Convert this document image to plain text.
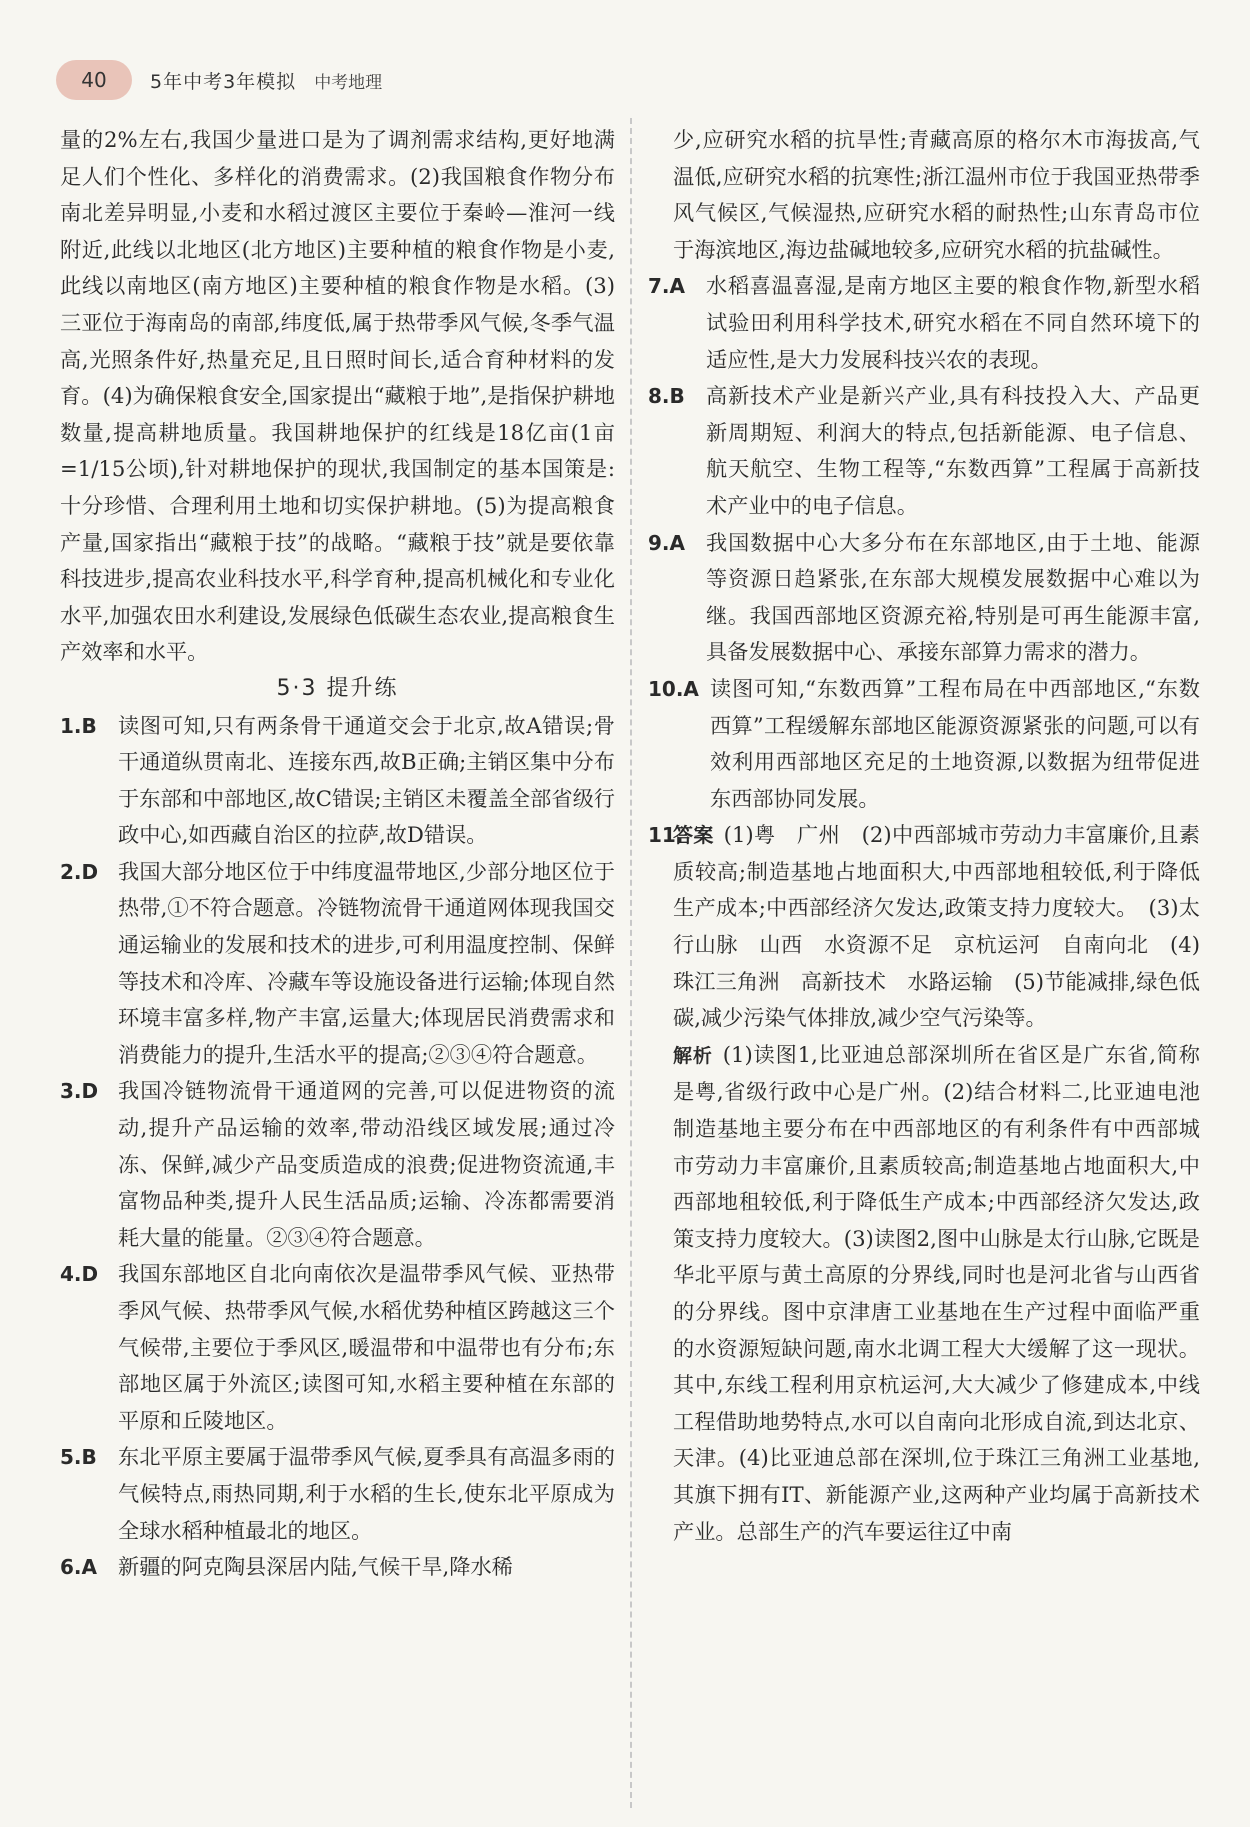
40	5年中考3年模拟 中考地理

量的2%左右,我国少量进口是为了调剂需求结构,更好地满足人们个性化、多样化的消费需求。(2)我国粮食作物分布南北差异明显,小麦和水稻过渡区主要位于秦岭—淮河一线附近,此线以北地区(北方地区)主要种植的粮食作物是小麦,此线以南地区(南方地区)主要种植的粮食作物是水稻。(3)三亚位于海南岛的南部,纬度低,属于热带季风气候,冬季气温高,光照条件好,热量充足,且日照时间长,适合育种材料的发育。(4)为确保粮食安全,国家提出“藏粮于地”,是指保护耕地数量,提高耕地质量。我国耕地保护的红线是18亿亩(1亩=1/15公顷),针对耕地保护的现状,我国制定的基本国策是:十分珍惜、合理利用土地和切实保护耕地。(5)为提高粮食产量,国家指出“藏粮于技”的战略。“藏粮于技”就是要依靠科技进步,提高农业科技水平,科学育种,提高机械化和专业化水平,加强农田水利建设,发展绿色低碳生态农业,提高粮食生产效率和水平。

5·3 提升练

1.B	读图可知,只有两条骨干通道交会于北京,故A错误;骨干通道纵贯南北、连接东西,故B正确;主销区集中分布于东部和中部地区,故C错误;主销区未覆盖全部省级行政中心,如西藏自治区的拉萨,故D错误。

2.D 我国大部分地区位于中纬度温带地区,少部分地区位于热带,①不符合题意。冷链物流骨干通道网体现我国交通运输业的发展和技术的进步,可利用温度控制、保鲜等技术和冷库、冷藏车等设施设备进行运输;体现自然环境丰富多样,物产丰富,运量大;体现居民消费需求和消费能力的提升,生活水平的提高;②③④符合题意。

3.D 我国冷链物流骨干通道网的完善,可以促进物资的流动,提升产品运输的效率,带动沿线区域发展;通过冷冻、保鲜,减少产品变质造成的浪费;促进物资流通,丰富物品种类,提升人民生活品质;运输、冷冻都需要消耗大量的能量。②③④符合题意。

4.D 我国东部地区自北向南依次是温带季风气候、亚热带季风气候、热带季风气候,水稻优势种植区跨越这三个气候带,主要位于季风区,暖温带和中温带也有分布;东部地区属于外流区;读图可知,水稻主要种植在东部的平原和丘陵地区。

5.B	东北平原主要属于温带季风气候,夏季具有高温多雨的气候特点,雨热同期,利于水稻的生长,使东北平原成为全球水稻种植最北的地区。

6.A 新疆的阿克陶县深居内陆,气候干旱,降水稀

少,应研究水稻的抗旱性;青藏高原的格尔木市海拔高,气温低,应研究水稻的抗寒性;浙江温州市位于我国亚热带季风气候区,气候湿热,应研究水稻的耐热性;山东青岛市位于海滨地区,海边盐碱地较多,应研究水稻的抗盐碱性。

7.A 水稻喜温喜湿,是南方地区主要的粮食作物,新型水稻试验田利用科学技术,研究水稻在不同自然环境下的适应性,是大力发展科技兴农的表现。

8.B	高新技术产业是新兴产业,具有科技投入大、产品更新周期短、利润大的特点,包括新能源、电子信息、航天航空、生物工程等,“东数西算”工程属于高新技术产业中的电子信息。

9.A 我国数据中心大多分布在东部地区,由于土地、能源等资源日趋紧张,在东部大规模发展数据中心难以为继。我国西部地区资源充裕,特别是可再生能源丰富,具备发展数据中心、承接东部算力需求的潜力。

10.A 读图可知,“东数西算”工程布局在中西部地区,“东数西算”工程缓解东部地区能源资源紧张的问题,可以有效利用西部地区充足的土地资源,以数据为纽带促进东西部协同发展。

11.
答案 (1)粤　广州　(2)中西部城市劳动力丰富廉价,且素质较高;制造基地占地面积大,中西部地租较低,利于降低生产成本;中西部经济欠发达,政策支持力度较大。　(3)太行山脉　山西　水资源不足　京杭运河　自南向北　(4)珠江三角洲　高新技术　水路运输　(5)节能减排,绿色低碳,减少污染气体排放,减少空气污染等。
解析 (1)读图1,比亚迪总部深圳所在省区是广东省,简称是粤,省级行政中心是广州。(2)结合材料二,比亚迪电池制造基地主要分布在中西部地区的有利条件有中西部城市劳动力丰富廉价,且素质较高;制造基地占地面积大,中西部地租较低,利于降低生产成本;中西部经济欠发达,政策支持力度较大。(3)读图2,图中山脉是太行山脉,它既是华北平原与黄土高原的分界线,同时也是河北省与山西省的分界线。图中京津唐工业基地在生产过程中面临严重的水资源短缺问题,南水北调工程大大缓解了这一现状。其中,东线工程利用京杭运河,大大减少了修建成本,中线工程借助地势特点,水可以自南向北形成自流,到达北京、天津。(4)比亚迪总部在深圳,位于珠江三角洲工业基地,其旗下拥有IT、新能源产业,这两种产业均属于高新技术产业。总部生产的汽车要运往辽中南
